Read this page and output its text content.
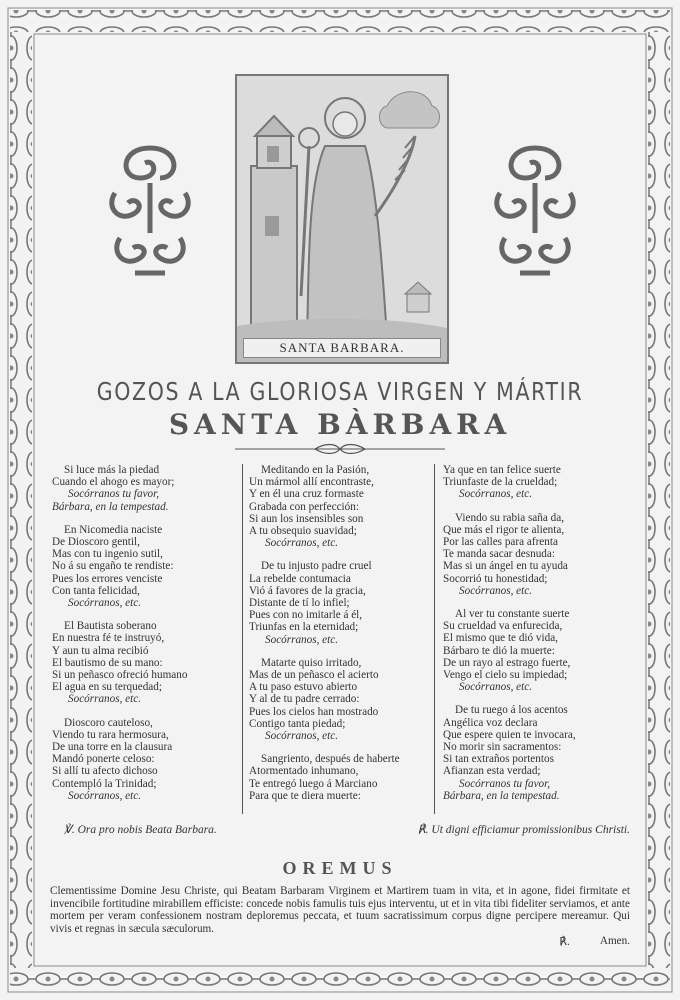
SANTA BARBARA.
GOZOS A LA GLORIOSA VIRGEN Y MÁRTIR
SANTA BÀRBARA
Si luce más la piedad
Cuando el ahogo es mayor;
Socórranos tu favor,
Bárbara, en la tempestad.
En Nicomedia naciste
De Dioscoro gentil,
Mas con tu ingenio sutil,
No á su engaño te rendiste:
Pues los errores venciste
Con tanta felicidad,
Socórranos, etc.
El Bautista soberano
En nuestra fé te instruyó,
Y aun tu alma recibió
El bautismo de su mano:
Si un peñasco ofreció humano
El agua en su terquedad;
Socórranos, etc.
Dioscoro cauteloso,
Viendo tu rara hermosura,
De una torre en la clausura
Mandó ponerte celoso:
Si allí tu afecto dichoso
Contempló la Trinidad;
Socórranos, etc.
Meditando en la Pasión,
Un mármol allí encontraste,
Y en él una cruz formaste
Grabada con perfección:
Si aun los insensibles son
A tu obsequio suavidad;
Socórranos, etc.
De tu injusto padre cruel
La rebelde contumacia
Vió á favores de la gracia,
Distante de tí lo infiel;
Pues con no imitarle á él,
Triunfas en la eternidad;
Socórranos, etc.
Matarte quiso irritado,
Mas de un peñasco el acierto
A tu paso estuvo abierto
Y al de tu padre cerrado:
Pues los cielos han mostrado
Contigo tanta piedad;
Socórranos, etc.
Sangriento, después de haberte
Atormentado inhumano,
Te entregó luego á Marciano
Para que te diera muerte:
Ya que en tan felice suerte
Triunfaste de la crueldad;
Socórranos, etc.
Viendo su rabia saña da,
Que más el rigor te alienta,
Por las calles para afrenta
Te manda sacar desnuda:
Mas si un ángel en tu ayuda
Socorrió tu honestidad;
Socórranos, etc.
Al ver tu constante suerte
Su crueldad va enfurecida,
El mismo que te dió vida,
Bárbaro te dió la muerte:
De un rayo al estrago fuerte,
Vengo el cielo su impiedad;
Socórranos, etc.
De tu ruego á los acentos
Angélica voz declara
Que espere quien te invocara,
No morir sin sacramentos:
Si tan extraños portentos
Afianzan esta verdad;
Socórranos tu favor,
Bárbara, en la tempestad.
℣. Ora pro nobis Beata Barbara.	℟. Ut digni efficiamur promissionibus Christi.
OREMUS
Clementissime Domine Jesu Christe, qui Beatam Barbaram Virginem et Martirem tuam in vita, et in agone, fidei firmitate et invencibile fortitudine mirabillem efficiste: concede nobis famulis tuis ejus interventu, ut et in vita tibi fideliter serviamos, et ante mortem per veram confessionem nostram deploremus peccata, et tuum sacratissimum corpus digne percipere mereamur. Qui vivis et regnas in sæcula sæculorum.
℟.	Amen.
